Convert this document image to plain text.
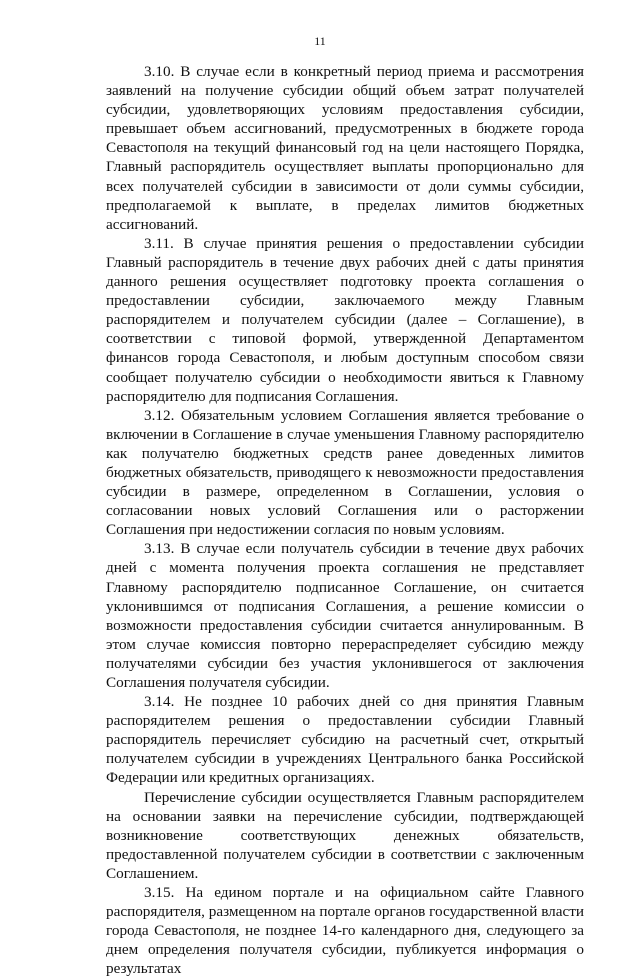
11

3.10. В случае если в конкретный период приема и рассмотрения заявлений на получение субсидии общий объем затрат получателей субсидии, удовлетворяющих условиям предоставления субсидии, превышает объем ассигнований, предусмотренных в бюджете города Севастополя на текущий финансовый год на цели настоящего Порядка, Главный распорядитель осуществляет выплаты пропорционально для всех получателей субсидии в зависимости от доли суммы субсидии, предполагаемой к выплате, в пределах лимитов бюджетных ассигнований.

3.11. В случае принятия решения о предоставлении субсидии Главный распорядитель в течение двух рабочих дней с даты принятия данного решения осуществляет подготовку проекта соглашения о предоставлении субсидии, заключаемого между Главным распорядителем и получателем субсидии (далее – Соглашение), в соответствии с типовой формой, утвержденной Департаментом финансов города Севастополя, и любым доступным способом связи сообщает получателю субсидии о необходимости явиться к Главному распорядителю для подписания Соглашения.

3.12. Обязательным условием Соглашения является требование о включении в Соглашение в случае уменьшения Главному распорядителю как получателю бюджетных средств ранее доведенных лимитов бюджетных обязательств, приводящего к невозможности предоставления субсидии в размере, определенном в Соглашении, условия о согласовании новых условий Соглашения или о расторжении Соглашения при недостижении согласия по новым условиям.

3.13. В случае если получатель субсидии в течение двух рабочих дней с момента получения проекта соглашения не представляет Главному распорядителю подписанное Соглашение, он считается уклонившимся от подписания Соглашения, а решение комиссии о возможности предоставления субсидии считается аннулированным. В этом случае комиссия повторно перераспределяет субсидию между получателями субсидии без участия уклонившегося от заключения Соглашения получателя субсидии.

3.14. Не позднее 10 рабочих дней со дня принятия Главным распорядителем решения о предоставлении субсидии Главный распорядитель перечисляет субсидию на расчетный счет, открытый получателем субсидии в учреждениях Центрального банка Российской Федерации или кредитных организациях.

Перечисление субсидии осуществляется Главным распорядителем на основании заявки на перечисление субсидии, подтверждающей возникновение соответствующих денежных обязательств, предоставленной получателем субсидии в соответствии с заключенным Соглашением.

3.15. На едином портале и на официальном сайте Главного распорядителя, размещенном на портале органов государственной власти города Севастополя, не позднее 14-го календарного дня, следующего за днем определения получателя субсидии, публикуется информация о результатах
